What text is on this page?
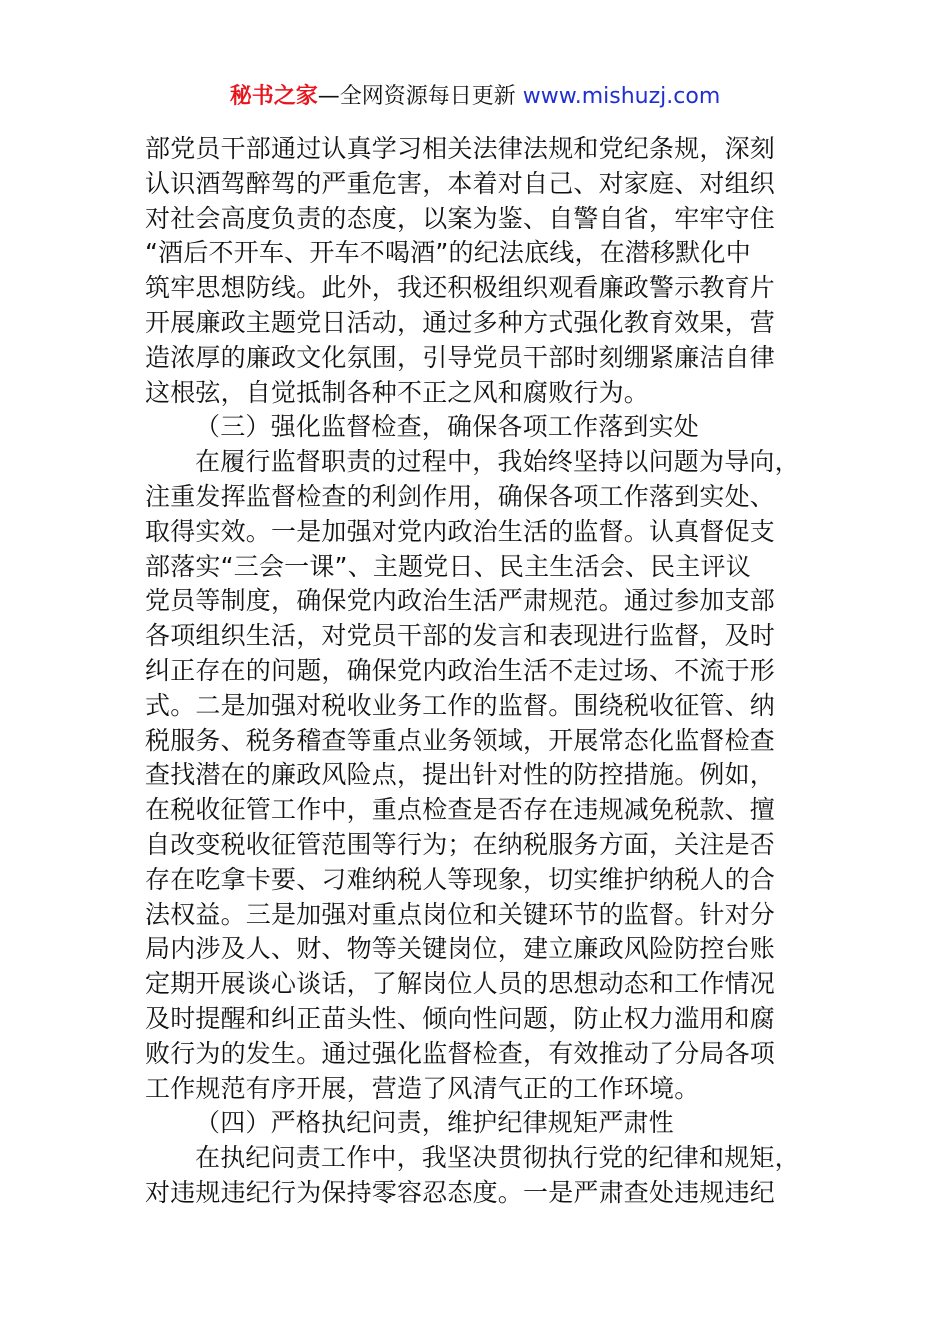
秘书之家—全网资源每日更新 www.mishuzj.com
部党员干部通过认真学习相关法律法规和党纪条规，深刻
认识酒驾醉驾的严重危害，本着对自己、对家庭、对组织
对社会高度负责的态度，以案为鉴、自警自省，牢牢守住
“酒后不开车、开车不喝酒”的纪法底线，在潜移默化中
筑牢思想防线。此外，我还积极组织观看廉政警示教育片
开展廉政主题党日活动，通过多种方式强化教育效果，营
造浓厚的廉政文化氛围，引导党员干部时刻绷紧廉洁自律
这根弦，自觉抵制各种不正之风和腐败行为。
（三）强化监督检查，确保各项工作落到实处
在履行监督职责的过程中，我始终坚持以问题为导向，
注重发挥监督检查的利剑作用，确保各项工作落到实处、
取得实效。一是加强对党内政治生活的监督。认真督促支
部落实“三会一课”、主题党日、民主生活会、民主评议
党员等制度，确保党内政治生活严肃规范。通过参加支部
各项组织生活，对党员干部的发言和表现进行监督，及时
纠正存在的问题，确保党内政治生活不走过场、不流于形
式。二是加强对税收业务工作的监督。围绕税收征管、纳
税服务、税务稽查等重点业务领域，开展常态化监督检查
查找潜在的廉政风险点，提出针对性的防控措施。例如，
在税收征管工作中，重点检查是否存在违规减免税款、擅
自改变税收征管范围等行为；在纳税服务方面，关注是否
存在吃拿卡要、刁难纳税人等现象，切实维护纳税人的合
法权益。三是加强对重点岗位和关键环节的监督。针对分
局内涉及人、财、物等关键岗位，建立廉政风险防控台账
定期开展谈心谈话，了解岗位人员的思想动态和工作情况
及时提醒和纠正苗头性、倾向性问题，防止权力滥用和腐
败行为的发生。通过强化监督检查，有效推动了分局各项
工作规范有序开展，营造了风清气正的工作环境。
（四）严格执纪问责，维护纪律规矩严肃性
在执纪问责工作中，我坚决贯彻执行党的纪律和规矩，
对违规违纪行为保持零容忍态度。一是严肃查处违规违纪
